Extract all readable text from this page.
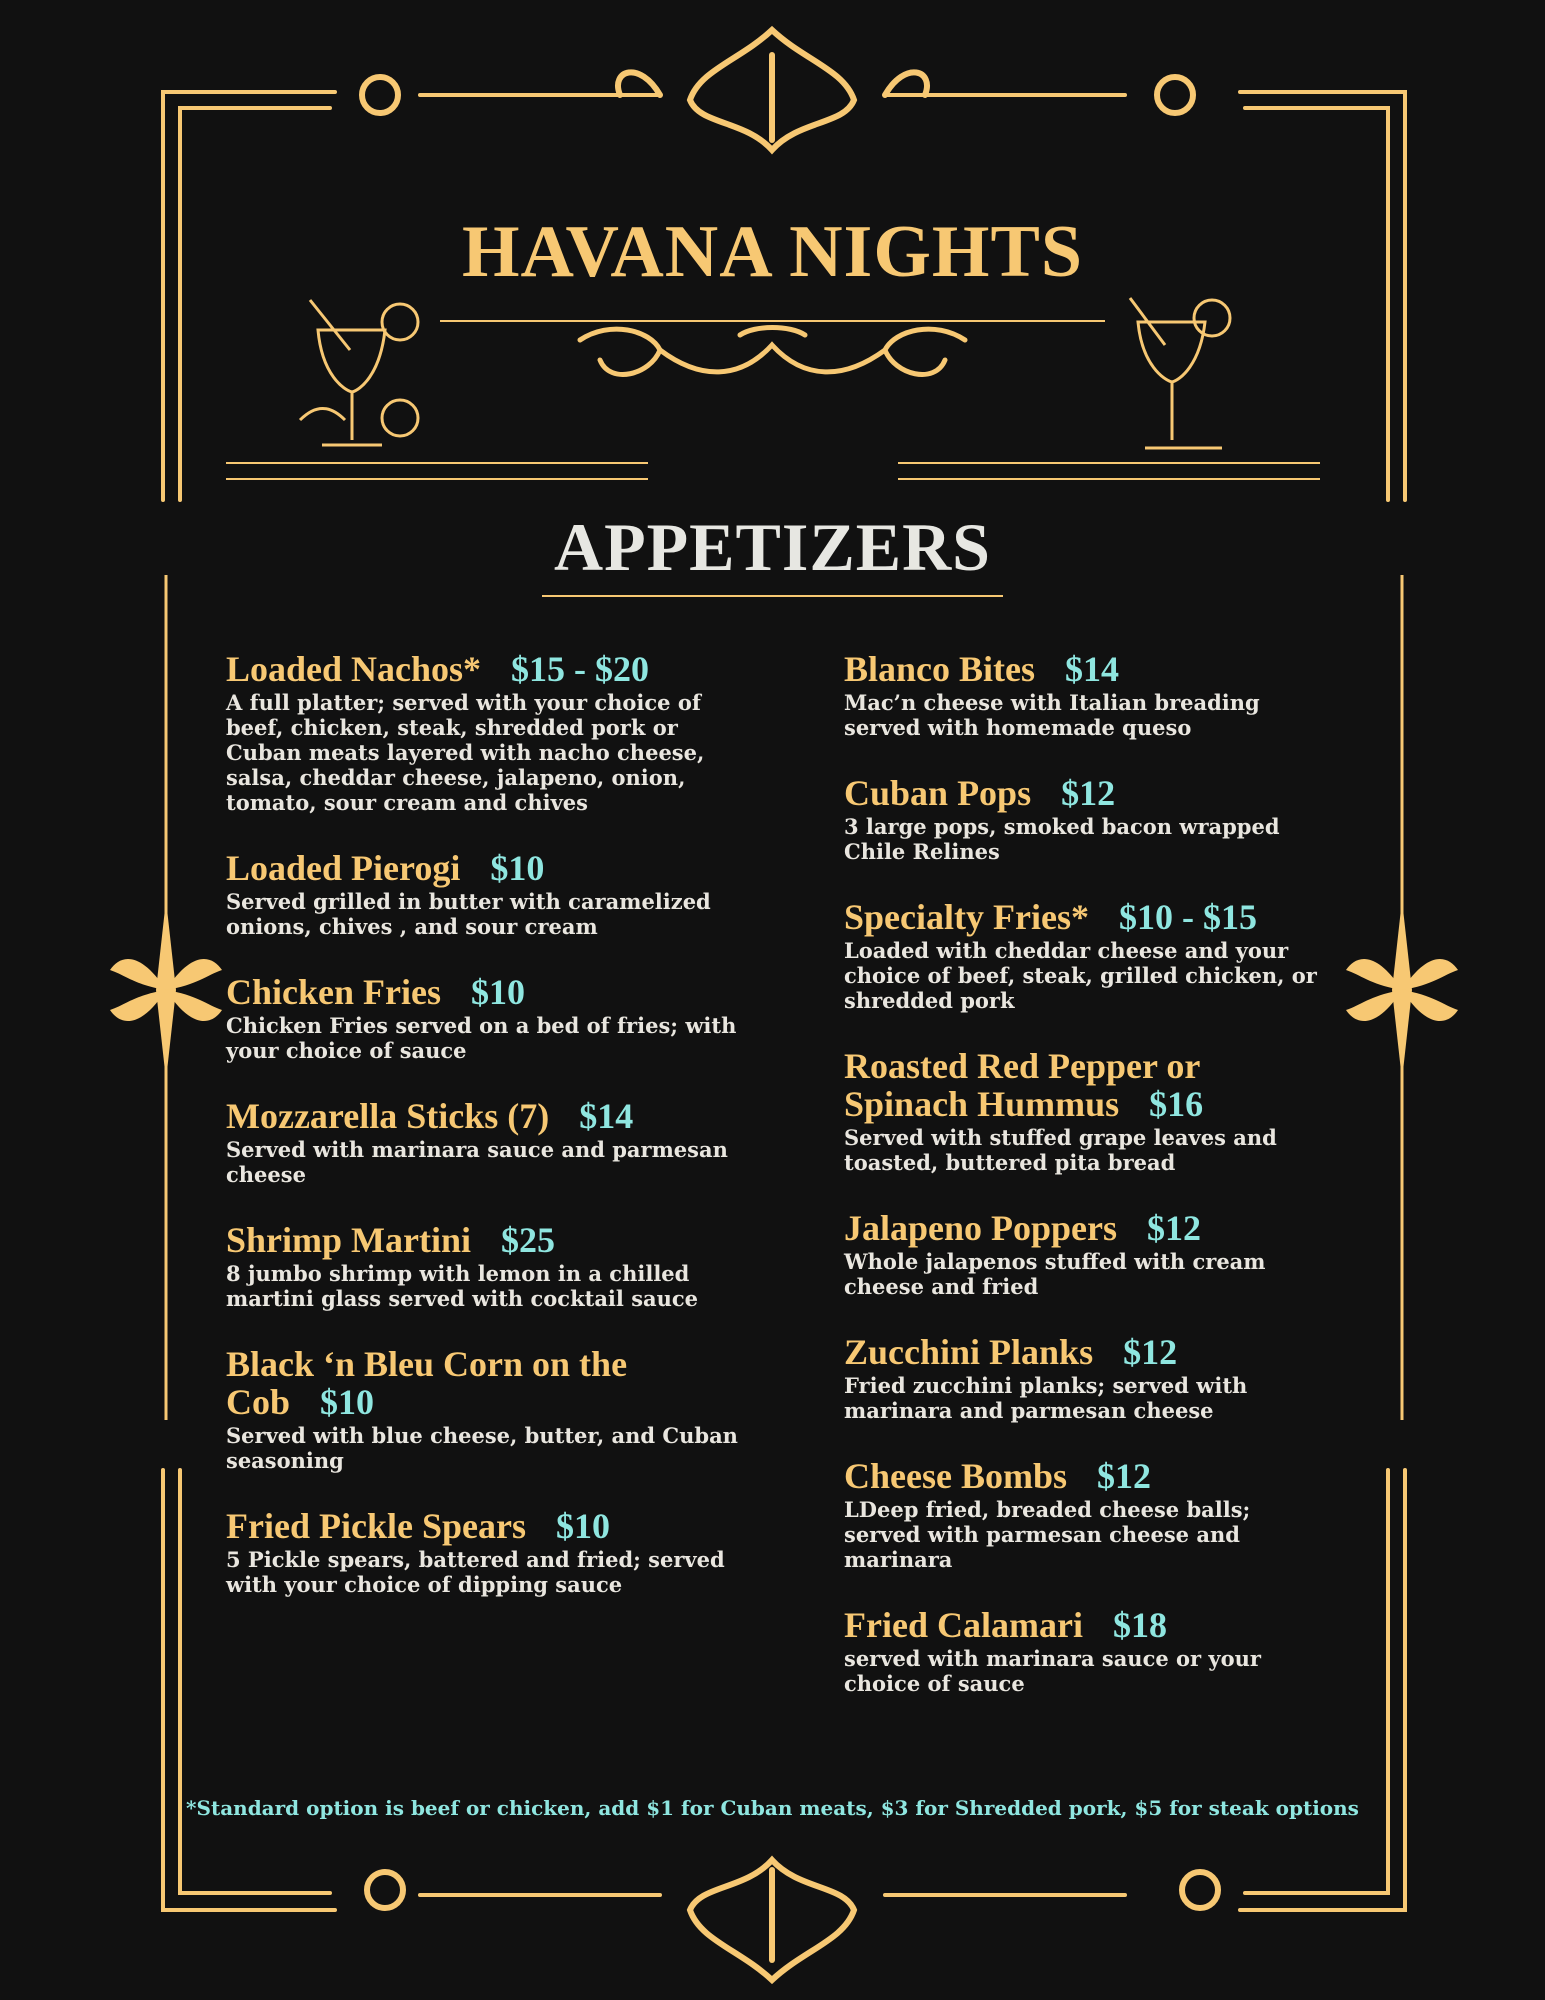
HAVANA NIGHTS
APPETIZERS
Loaded Nachos* $15 - $20
A full platter; served with your choice of beef, chicken, steak, shredded pork or Cuban meats layered with nacho cheese, salsa, cheddar cheese, jalapeno, onion, tomato, sour cream and chives
Loaded Pierogi $10
Served grilled in butter with caramelized onions, chives , and sour cream
Chicken Fries $10
Chicken Fries served on a bed of fries; with your choice of sauce
Mozzarella Sticks (7) $14
Served with marinara sauce and parmesan cheese
Shrimp Martini $25
8 jumbo shrimp with lemon in a chilled martini glass served with cocktail sauce
Black ‘n Bleu Corn on the Cob $10
Served with blue cheese, butter, and Cuban seasoning
Fried Pickle Spears $10
5 Pickle spears, battered and fried; served with your choice of dipping sauce
Blanco Bites $14
Mac’n cheese with Italian breading served with homemade queso
Cuban Pops $12
3 large pops, smoked bacon wrapped Chile Relines
Specialty Fries* $10 - $15
Loaded with cheddar cheese and your choice of beef, steak, grilled chicken, or shredded pork
Roasted Red Pepper or Spinach Hummus $16
Served with stuffed grape leaves and toasted, buttered pita bread
Jalapeno Poppers $12
Whole jalapenos stuffed with cream cheese and fried
Zucchini Planks $12
Fried zucchini planks; served with marinara and parmesan cheese
Cheese Bombs $12
LDeep fried, breaded cheese balls; served with parmesan cheese and marinara
Fried Calamari $18
served with marinara sauce or your choice of sauce
*Standard option is beef or chicken, add $1 for Cuban meats, $3 for Shredded pork, $5 for steak options
